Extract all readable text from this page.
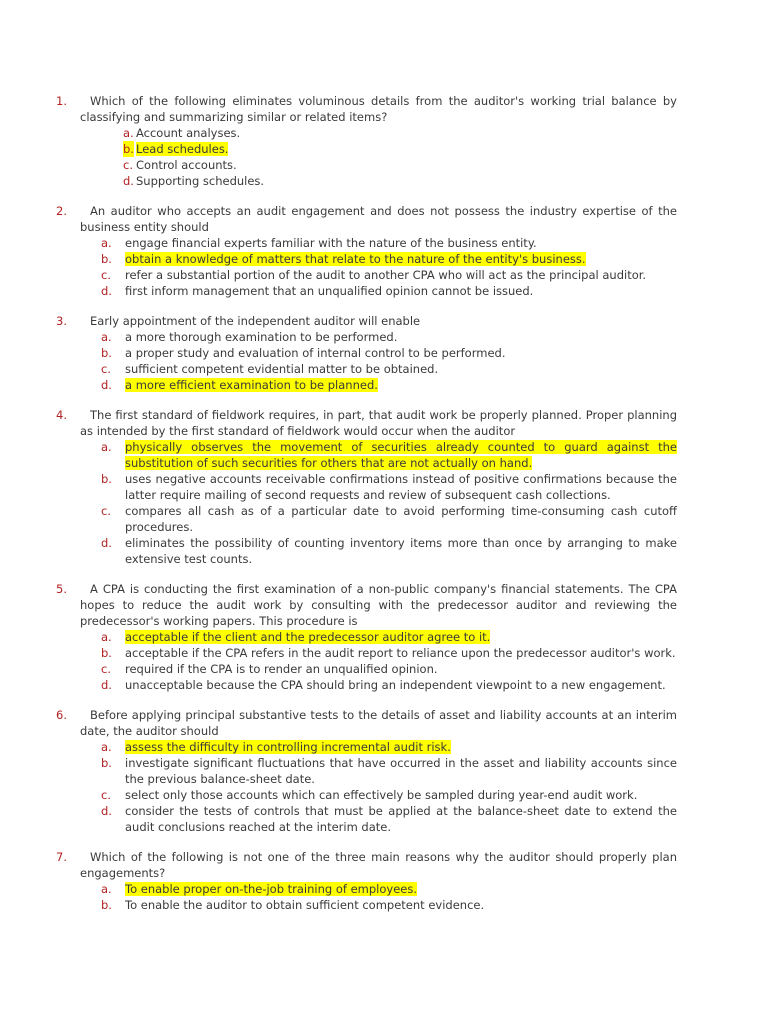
1.	Which of the following eliminates voluminous details from the auditor's working trial balance by classifying and summarizing similar or related items?
a. Account analyses.
b. Lead schedules.
c. Control accounts.
d. Supporting schedules.
2.	An auditor who accepts an audit engagement and does not possess the industry expertise of the business entity should
a. engage financial experts familiar with the nature of the business entity.
b. obtain a knowledge of matters that relate to the nature of the entity's business.
c. refer a substantial portion of the audit to another CPA who will act as the principal auditor.
d. first inform management that an unqualified opinion cannot be issued.
3.	Early appointment of the independent auditor will enable
a. a more thorough examination to be performed.
b. a proper study and evaluation of internal control to be performed.
c. sufficient competent evidential matter to be obtained.
d. a more efficient examination to be planned.
4.	The first standard of fieldwork requires, in part, that audit work be properly planned. Proper planning as intended by the first standard of fieldwork would occur when the auditor
a. physically observes the movement of securities already counted to guard against the substitution of such securities for others that are not actually on hand.
b. uses negative accounts receivable confirmations instead of positive confirmations because the latter require mailing of second requests and review of subsequent cash collections.
c. compares all cash as of a particular date to avoid performing time-consuming cash cutoff procedures.
d. eliminates the possibility of counting inventory items more than once by arranging to make extensive test counts.
5.	A CPA is conducting the first examination of a non-public company's financial statements. The CPA hopes to reduce the audit work by consulting with the predecessor auditor and reviewing the predecessor's working papers. This procedure is
a. acceptable if the client and the predecessor auditor agree to it.
b. acceptable if the CPA refers in the audit report to reliance upon the predecessor auditor's work.
c. required if the CPA is to render an unqualified opinion.
d. unacceptable because the CPA should bring an independent viewpoint to a new engagement.
6.	Before applying principal substantive tests to the details of asset and liability accounts at an interim date, the auditor should
a. assess the difficulty in controlling incremental audit risk.
b. investigate significant fluctuations that have occurred in the asset and liability accounts since the previous balance-sheet date.
c. select only those accounts which can effectively be sampled during year-end audit work.
d. consider the tests of controls that must be applied at the balance-sheet date to extend the audit conclusions reached at the interim date.
7.	Which of the following is not one of the three main reasons why the auditor should properly plan engagements?
a. To enable proper on-the-job training of employees.
b. To enable the auditor to obtain sufficient competent evidence.
